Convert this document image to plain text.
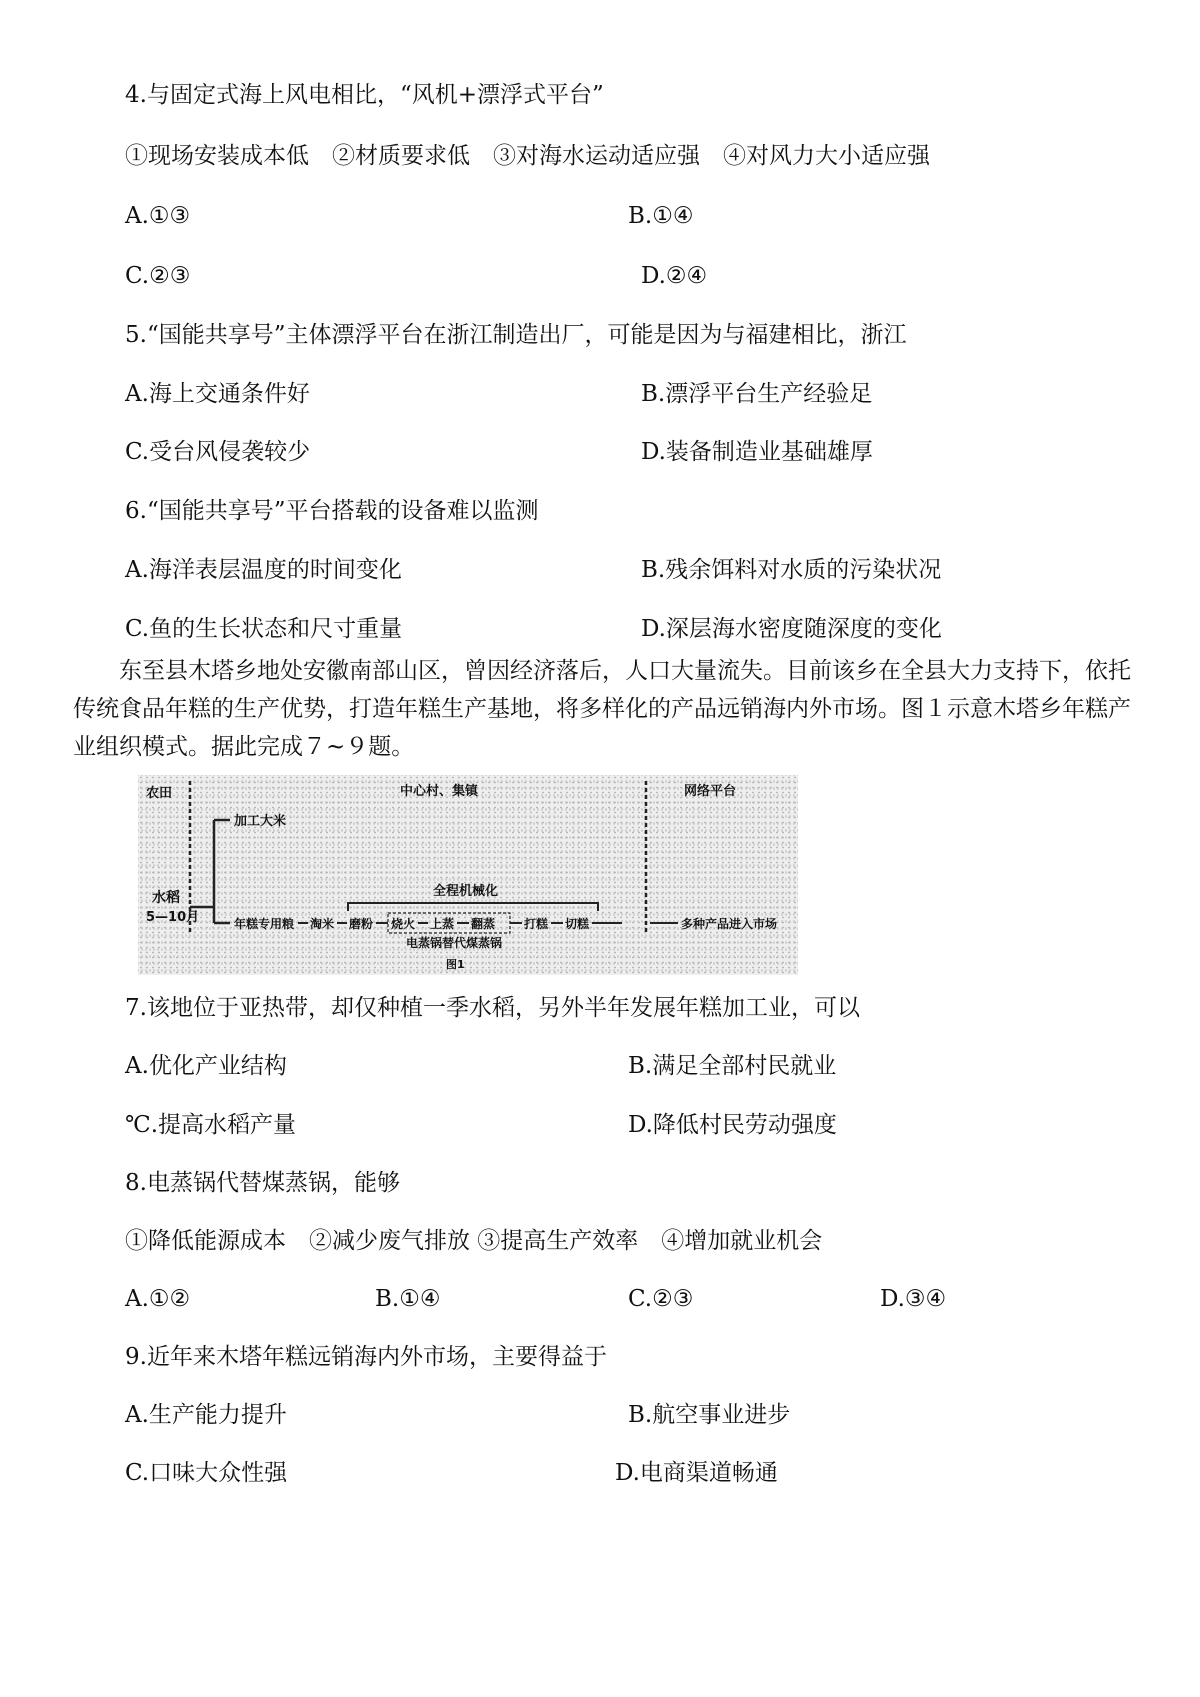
4.与固定式海上风电相比，“风机+漂浮式平台”
①现场安装成本低　②材质要求低　③对海水运动适应强　④对风力大小适应强
A.①③	B.①④
C.②③	D.②④
5.“国能共享号”主体漂浮平台在浙江制造出厂，可能是因为与福建相比，浙江
A.海上交通条件好	B.漂浮平台生产经验足
C.受台风侵袭较少	D.装备制造业基础雄厚
6.“国能共享号”平台搭载的设备难以监测
A.海洋表层温度的时间变化	B.残余饵料对水质的污染状况
C.鱼的生长状态和尺寸重量	D.深层海水密度随深度的变化
东至县木塔乡地处安徽南部山区，曾因经济落后，人口大量流失。目前该乡在全县大力支持下，依托传统食品年糕的生产优势，打造年糕生产基地，将多样化的产品远销海内外市场。图１示意木塔乡年糕产业组织模式。据此完成７~９题。
农田	中心村、集镇	网络平台
水稻
5—10月
加工大米
全程机械化
年糕专用粮 淘米 磨粉 烧火 上蒸 翻蒸 打糕 切糕	多种产品进入市场
电蒸锅替代煤蒸锅
图1
7.该地位于亚热带，却仅种植一季水稻，另外半年发展年糕加工业，可以
A.优化产业结构	B.满足全部村民就业
℃.提高水稻产量	D.降低村民劳动强度
8.电蒸锅代替煤蒸锅，能够
①降低能源成本　②减少废气排放 ③提高生产效率　④增加就业机会
A.①②	B.①④	C.②③	D.③④
9.近年来木塔年糕远销海内外市场，主要得益于
A.生产能力提升	B.航空事业进步
C.口味大众性强	D.电商渠道畅通
